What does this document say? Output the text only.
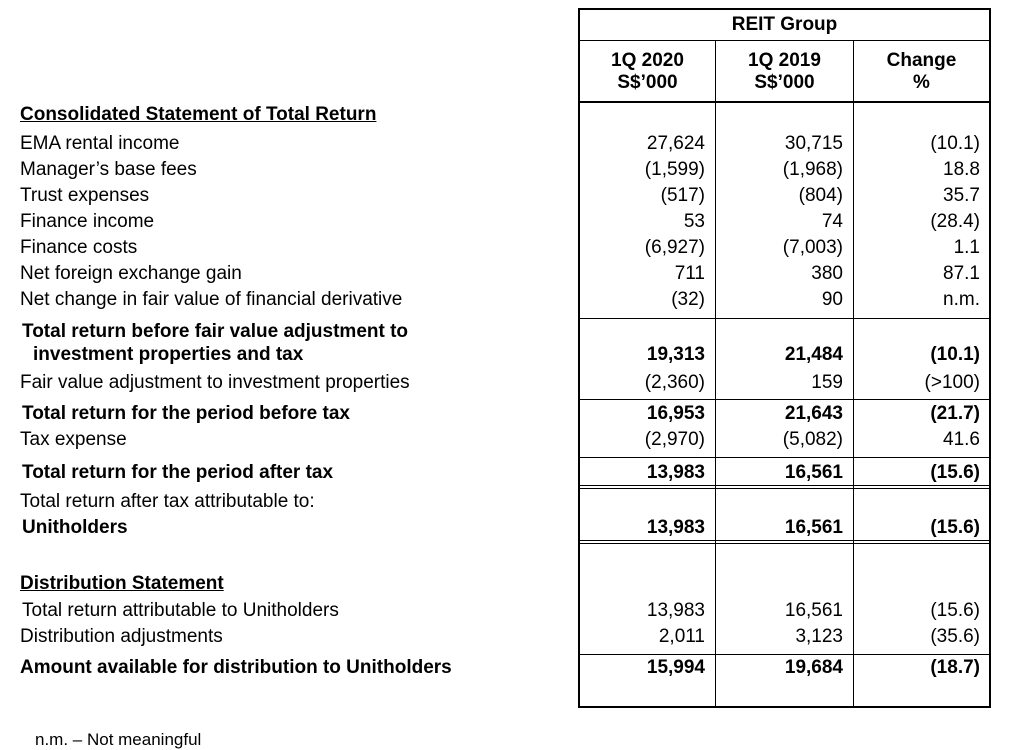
REIT Group
1Q 2020
S$’000
1Q 2019
S$’000
Change
%
Consolidated Statement of Total Return
Distribution Statement
EMA rental income
Manager’s base fees
Trust expenses
Finance income
Finance costs
Net foreign exchange gain
Net change in fair value of financial derivative
Total return before fair value adjustment to
investment properties and tax
Fair value adjustment to investment properties
Total return for the period before tax
Tax expense
Total return for the period after tax
Total return after tax attributable to:
Unitholders
Total return attributable to Unitholders
Distribution adjustments
Amount available for distribution to Unitholders
27,624
(1,599)
(517)
53
(6,927)
711
(32)
19,313
(2,360)
16,953
(2,970)
13,983
13,983
13,983
2,011
15,994
30,715
(1,968)
(804)
74
(7,003)
380
90
21,484
159
21,643
(5,082)
16,561
16,561
16,561
3,123
19,684
(10.1)
18.8
35.7
(28.4)
1.1
87.1
n.m.
(10.1)
(>100)
(21.7)
41.6
(15.6)
(15.6)
(15.6)
(35.6)
(18.7)
n.m. – Not meaningful
